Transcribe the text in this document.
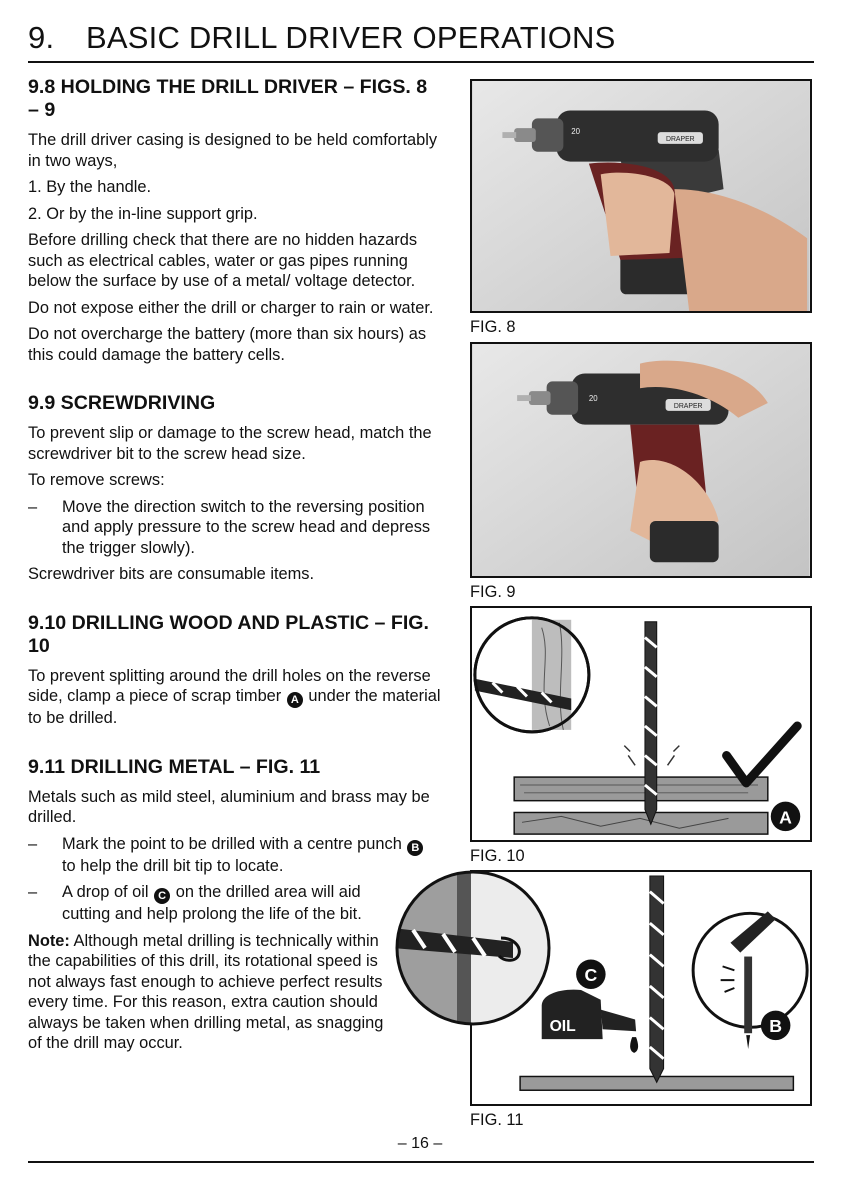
9. BASIC DRILL DRIVER OPERATIONS
9.8 HOLDING THE DRILL DRIVER – FIGS. 8 – 9

The drill driver casing is designed to be held comfortably in two ways,

1. By the handle.

2. Or by the in-line support grip.

Before drilling check that there are no hidden hazards such as electrical cables, water or gas pipes running below the surface by use of a metal/ voltage detector.

Do not expose either the drill or charger to rain or water.

Do not overcharge the battery (more than six hours) as this could damage the battery cells.

9.9 SCREWDRIVING

To prevent slip or damage to the screw head, match the screwdriver bit to the screw head size.

To remove screws:

– Move the direction switch to the reversing position and apply pressure to the screw head and depress the trigger slowly).

Screwdriver bits are consumable items.

9.10 DRILLING WOOD AND PLASTIC – FIG. 10

To prevent splitting around the drill holes on the reverse side, clamp a piece of scrap timber A under the material to be drilled.

9.11 DRILLING METAL – FIG. 11

Metals such as mild steel, aluminium and brass may be drilled.

– Mark the point to be drilled with a centre punch B to help the drill bit tip to locate.
– A drop of oil C on the drilled area will aid cutting and help prolong the life of the bit.

Note: Although metal drilling is technically within the capabilities of this drill, its rotational speed is not always fast enough to achieve perfect results every time. For this reason, extra caution should always be taken when drilling metal, as snagging of the drill may occur.

DRAPER
20
FIG. 8
DRAPER
20
FIG. 9
A
FIG. 10
OIL
C
B
FIG. 11
– 16 –
